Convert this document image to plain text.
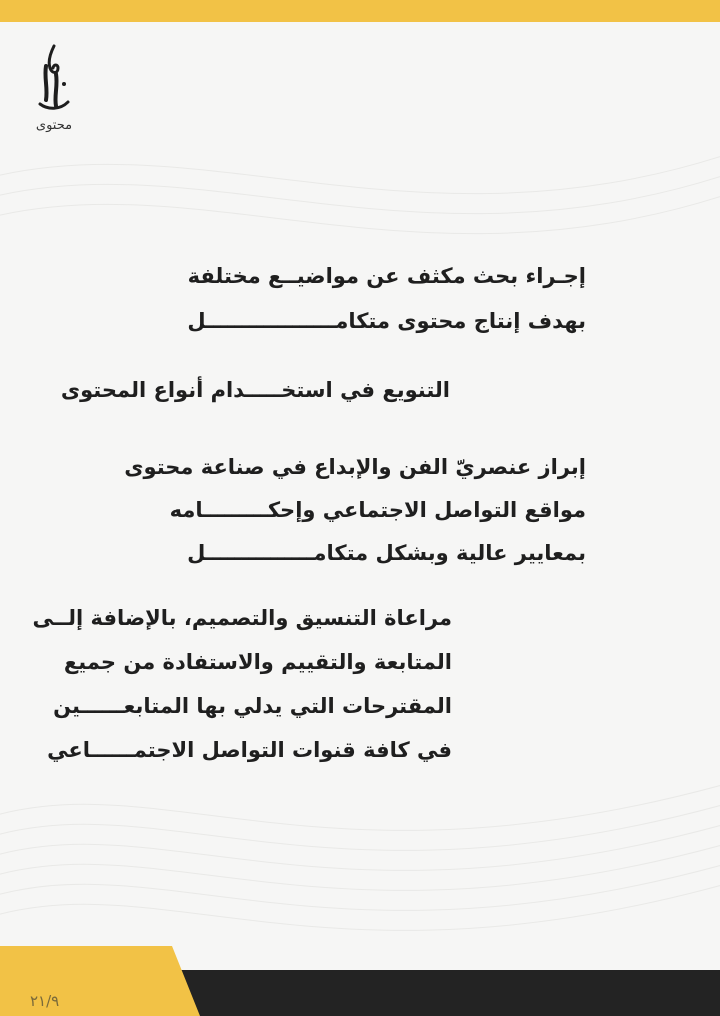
محتوى
إجـراء بحث مكثف عن مواضيــع مختلفة
بهدف إنتاج محتوى متكامــــــــــــــــــل
التنويع في استخـــــدام أنواع المحتوى
إبراز عنصريّ الفن والإبداع في صناعة محتوى
مواقع التواصل الاجتماعي وإحكـــــــــامه
بمعايير عالية وبشكل متكامـــــــــــــــل
مراعاة التنسيق والتصميم، بالإضافة إلــى
المتابعة والتقييم والاستفادة من جميع
المقترحات التي يدلي بها المتابعــــــين
في كافة قنوات التواصل الاجتمــــــاعي
٢١/٩
